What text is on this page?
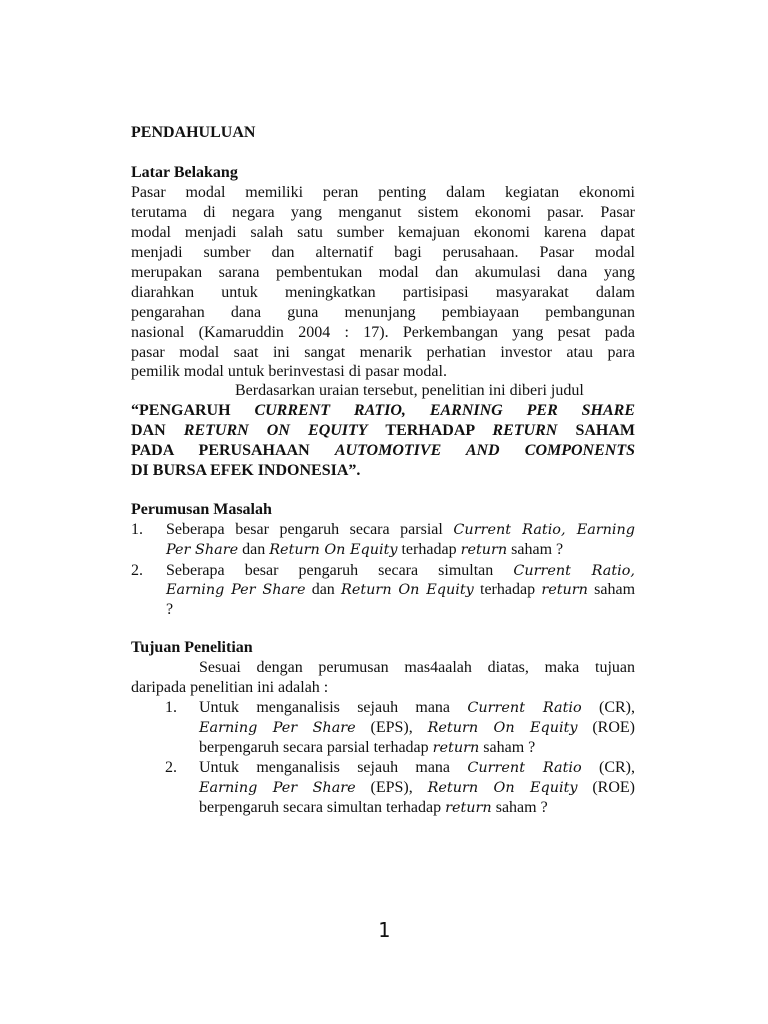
PENDAHULUAN
Latar Belakang
Pasar modal memiliki peran penting dalam kegiatan ekonomi
terutama di negara yang menganut sistem ekonomi pasar. Pasar
modal menjadi salah satu sumber kemajuan ekonomi karena dapat
menjadi sumber dan alternatif bagi perusahaan. Pasar modal
merupakan sarana pembentukan modal dan akumulasi dana yang
diarahkan untuk meningkatkan partisipasi masyarakat dalam
pengarahan dana guna menunjang pembiayaan pembangunan
nasional (Kamaruddin 2004 : 17). Perkembangan yang pesat pada
pasar modal saat ini sangat menarik perhatian investor atau para
pemilik modal untuk berinvestasi di pasar modal.
Berdasarkan uraian tersebut, penelitian ini diberi judul
“PENGARUH CURRENT RATIO, EARNING PER SHARE
DAN RETURN ON EQUITY TERHADAP RETURN SAHAM
PADA PERUSAHAAN AUTOMOTIVE AND COMPONENTS
DI BURSA EFEK INDONESIA”.
Perumusan Masalah
1. Seberapa besar pengaruh secara parsial Current Ratio, Earning
Per Share dan Return On Equity terhadap return saham ?
2. Seberapa besar pengaruh secara simultan Current Ratio,
Earning Per Share dan Return On Equity terhadap return saham
?
Tujuan Penelitian
Sesuai dengan perumusan mas4aalah diatas, maka tujuan
daripada penelitian ini adalah :
1. Untuk menganalisis sejauh mana Current Ratio (CR),
Earning Per Share (EPS), Return On Equity (ROE)
berpengaruh secara parsial terhadap return saham ?
2. Untuk menganalisis sejauh mana Current Ratio (CR),
Earning Per Share (EPS), Return On Equity (ROE)
berpengaruh secara simultan terhadap return saham ?
1
